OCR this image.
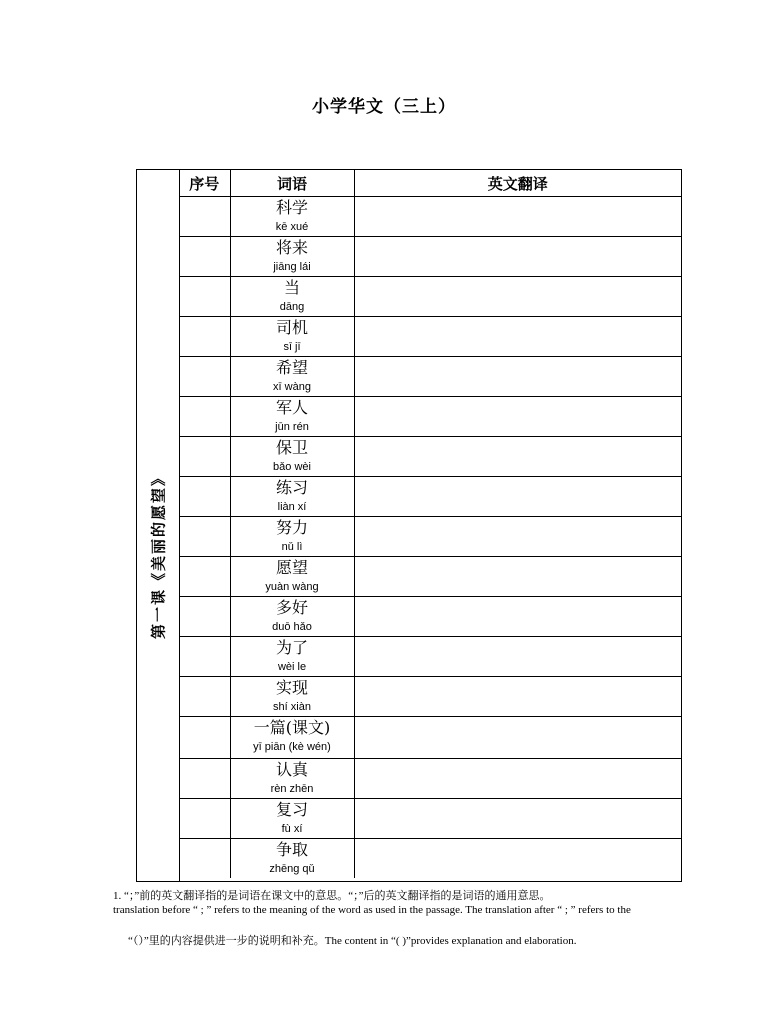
小学华文（三上）
第一课《美丽的愿望》
序号	词语	英文翻译

	科学
kē xué	

	将来
jiāng lái	

	当
dāng	

	司机
sī jī	

	希望
xī wàng	

	军人
jūn rén	

	保卫
bǎo wèi	

	练习
liàn xí	

	努力
nǔ lì	

	愿望
yuàn wàng	

	多好
duō hǎo	

	为了
wèi le	

	实现
shí xiàn	

	一篇(课文)
yī piān (kè wén)	

	认真
rèn zhēn	

	复习
fù xí	

	争取
zhēng qǔ	

1. “；”前的英文翻译指的是词语在课文中的意思。“；”后的英文翻译指的是词语的通用意思。
translation before “ ; ” refers to the meaning of the word as used in the passage. The translation after “ ; ” refers to the
“（）”里的内容提供进一步的说明和补充。The content in “( )”provides explanation and elaboration.
